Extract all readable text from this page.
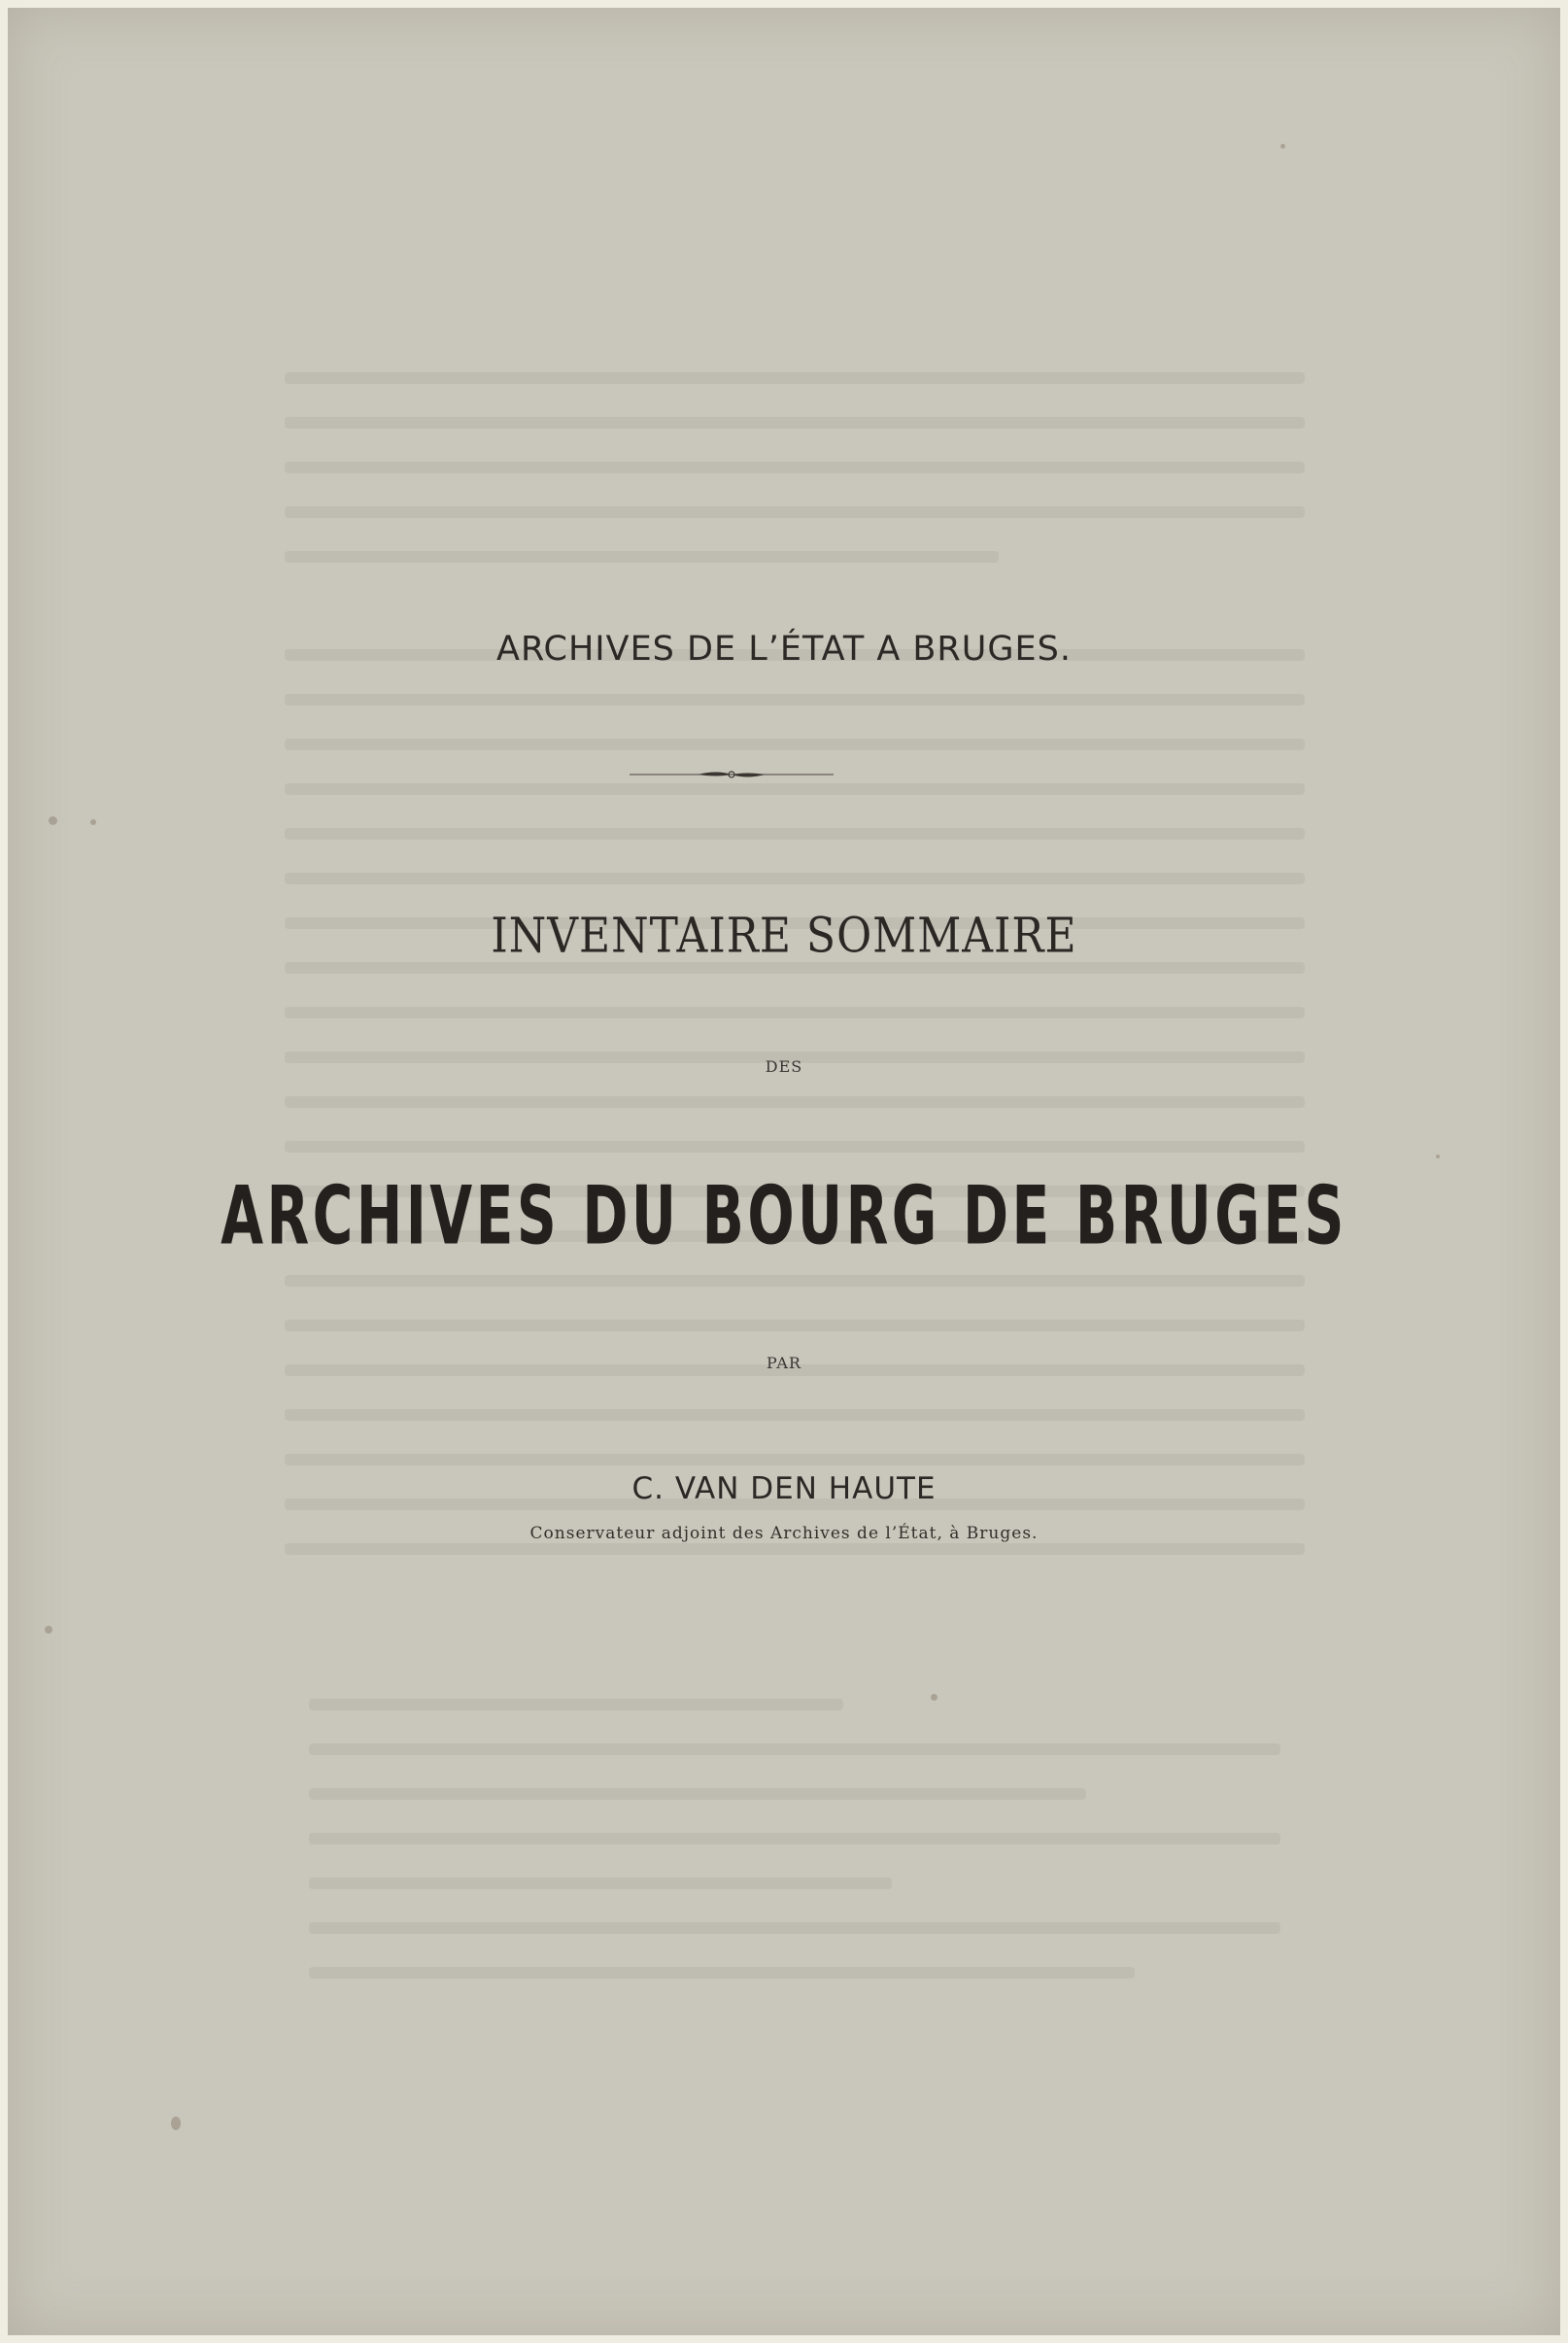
ARCHIVES DE L’ÉTAT A BRUGES.
INVENTAIRE SOMMAIRE
DES
ARCHIVES DU BOURG DE BRUGES
PAR
C. VAN DEN HAUTE
Conservateur adjoint des Archives de l’État, à Bruges.
